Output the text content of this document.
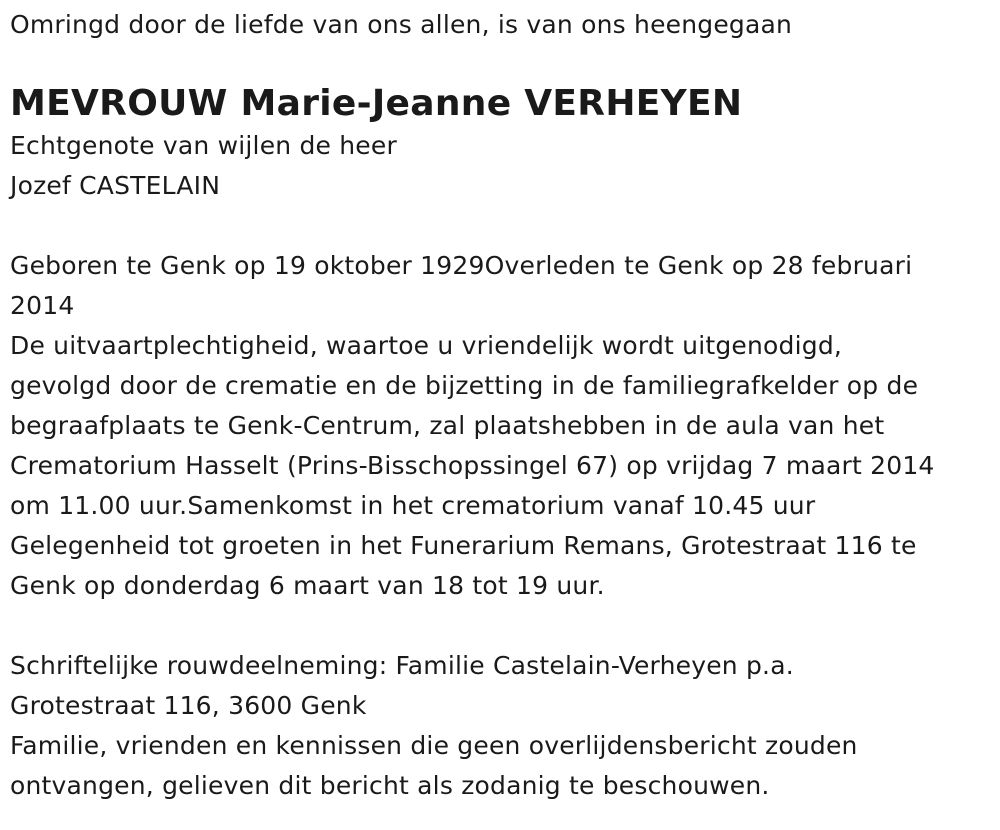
Omringd door de liefde van ons allen, is van ons heengegaan
MEVROUW Marie-Jeanne VERHEYEN
Echtgenote van wijlen de heer
Jozef CASTELAIN
Geboren te Genk op 19 oktober 1929Overleden te Genk op 28 februari
2014
De uitvaartplechtigheid, waartoe u vriendelijk wordt uitgenodigd,
gevolgd door de crematie en de bijzetting in de familiegrafkelder op de
begraafplaats te Genk-Centrum, zal plaatshebben in de aula van het
Crematorium Hasselt (Prins-Bisschopssingel 67) op vrijdag 7 maart 2014
om 11.00 uur.Samenkomst in het crematorium vanaf 10.45 uur
Gelegenheid tot groeten in het Funerarium Remans, Grotestraat 116 te
Genk op donderdag 6 maart van 18 tot 19 uur.
Schriftelijke rouwdeelneming: Familie Castelain-Verheyen p.a.
Grotestraat 116, 3600 Genk
Familie, vrienden en kennissen die geen overlijdensbericht zouden
ontvangen, gelieven dit bericht als zodanig te beschouwen.
